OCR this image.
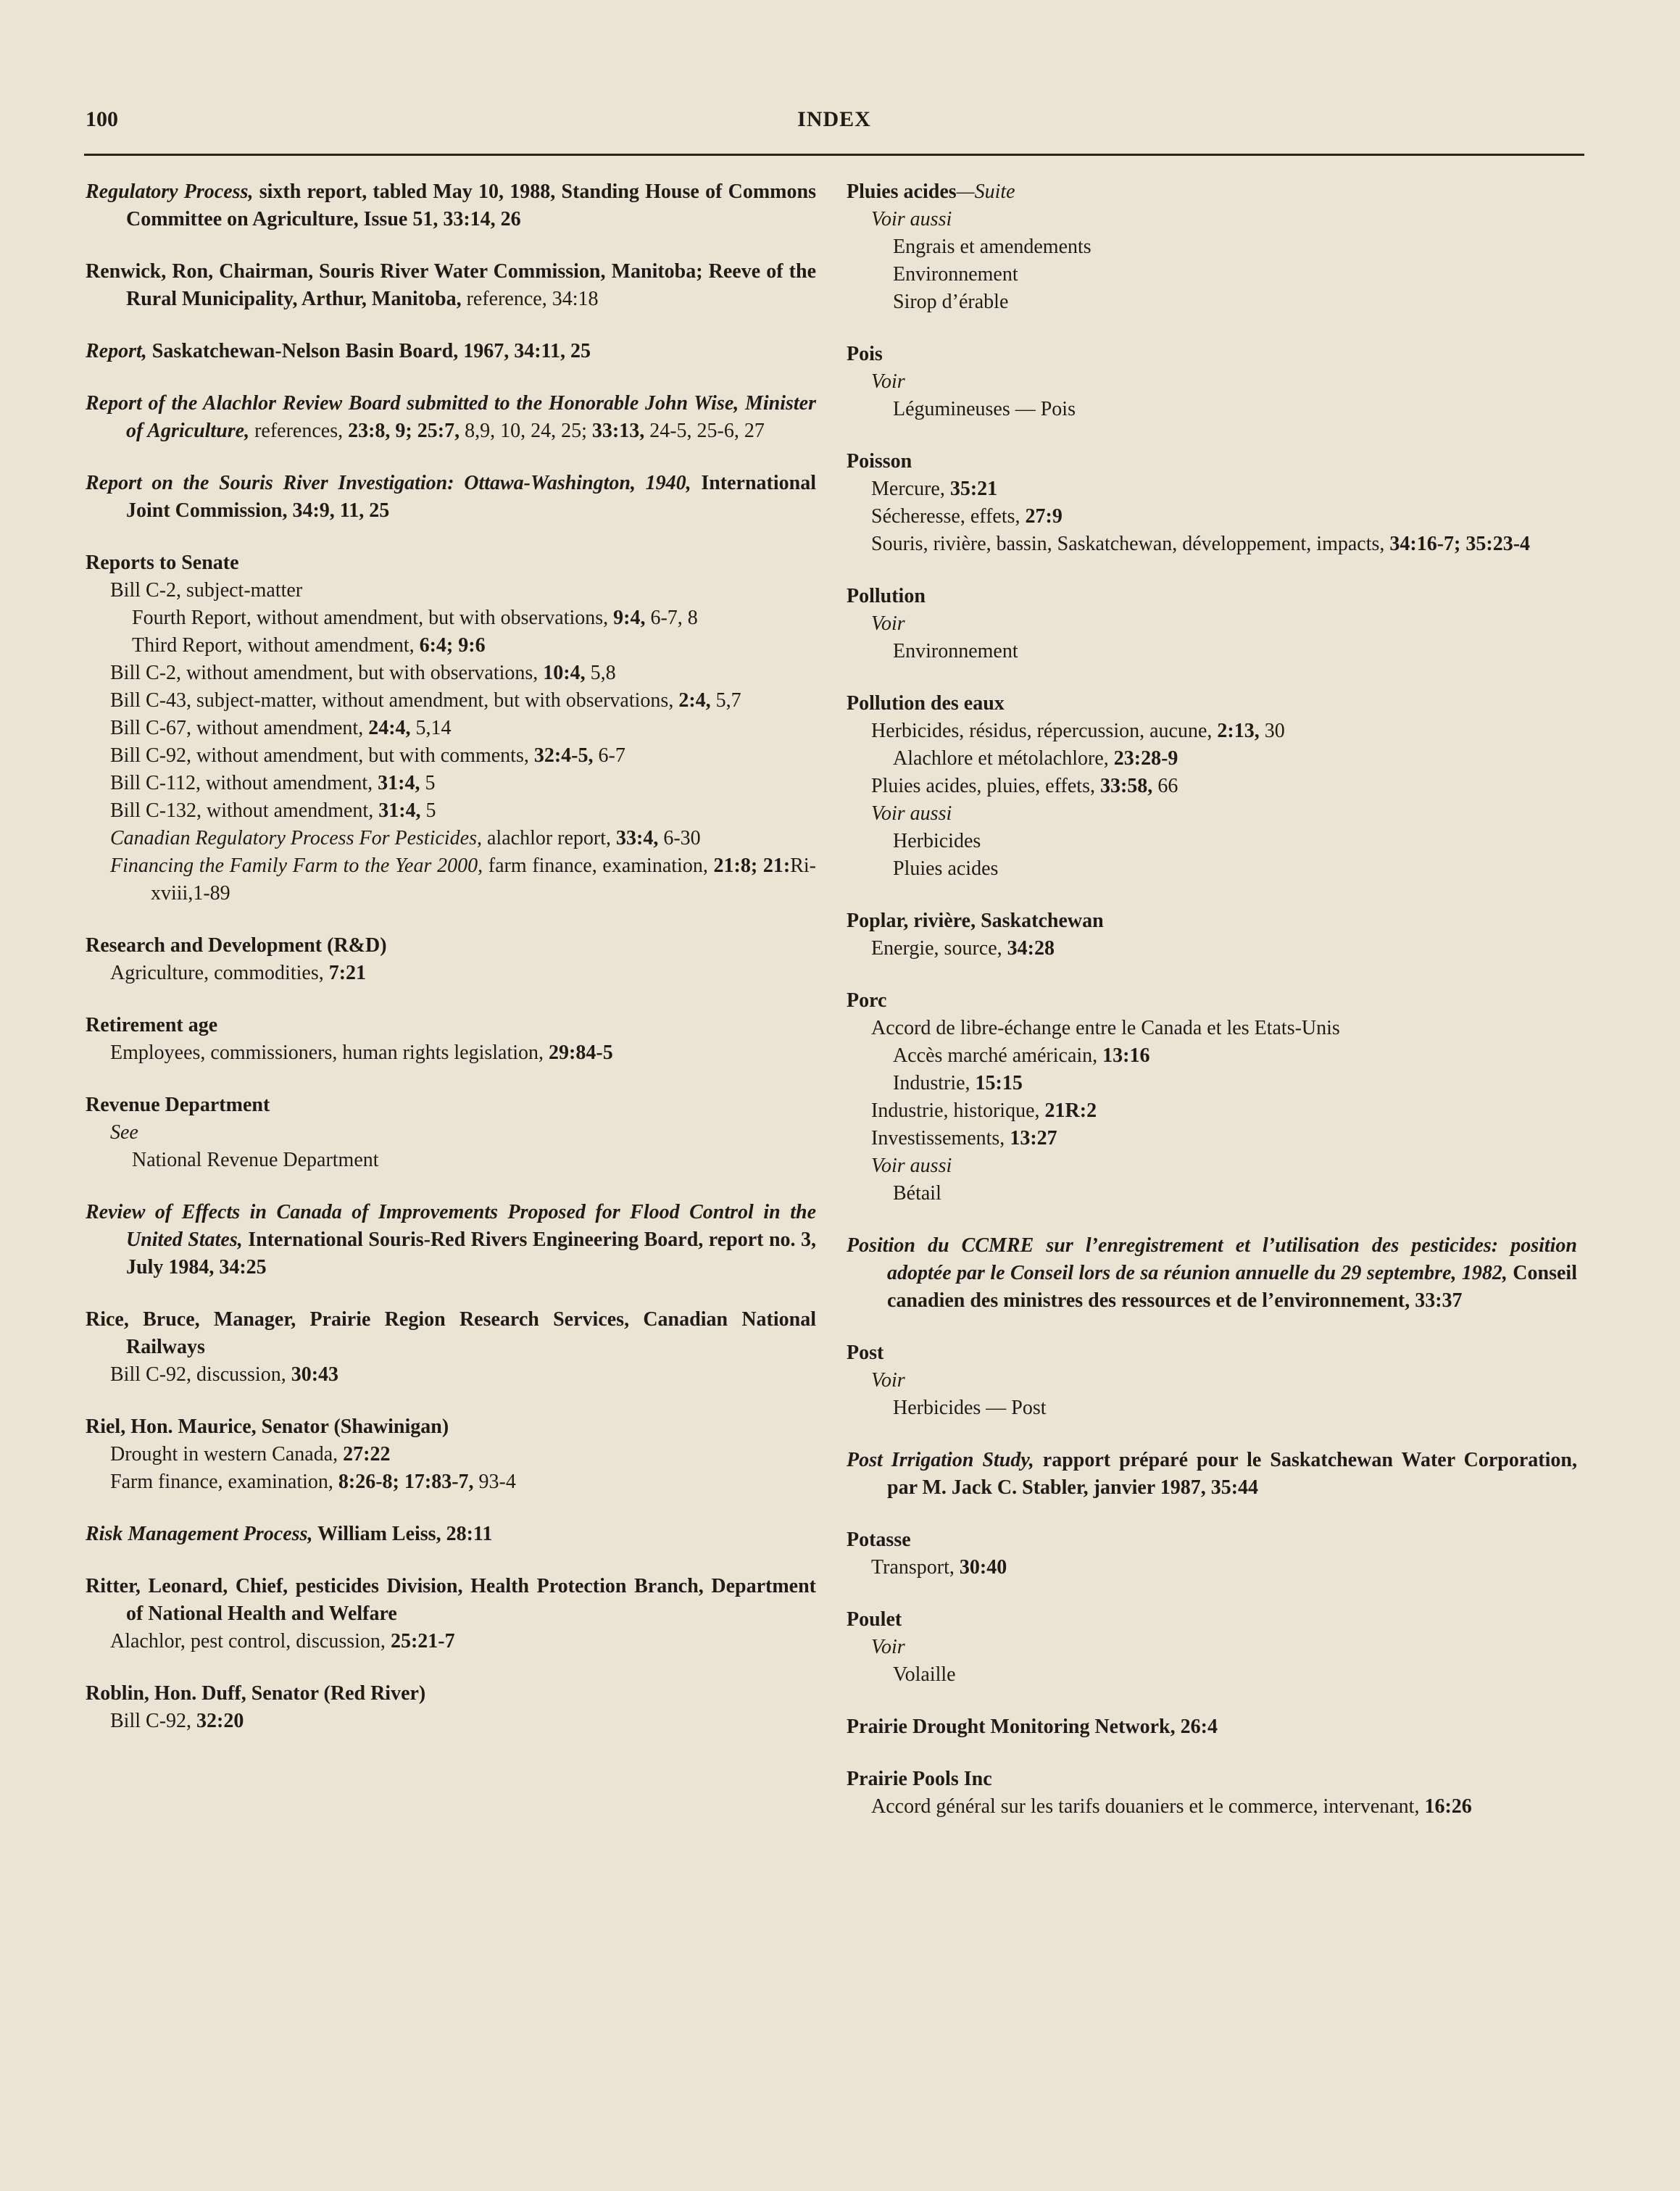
100	INDEX
Regulatory Process, sixth report, tabled May 10, 1988, Standing House of Commons Committee on Agriculture, Issue 51, 33:14, 26
Renwick, Ron, Chairman, Souris River Water Commission, Manitoba; Reeve of the Rural Municipality, Arthur, Manitoba, reference, 34:18
Report, Saskatchewan-Nelson Basin Board, 1967, 34:11, 25
Report of the Alachlor Review Board submitted to the Honorable John Wise, Minister of Agriculture, references, 23:8, 9; 25:7, 8,9, 10, 24, 25; 33:13, 24-5, 25-6, 27
Report on the Souris River Investigation: Ottawa-Washington, 1940, International Joint Commission, 34:9, 11, 25
Reports to Senate
Bill C-2, subject-matter
Fourth Report, without amendment, but with observations, 9:4, 6-7, 8
Third Report, without amendment, 6:4; 9:6
Bill C-2, without amendment, but with observations, 10:4, 5,8
Bill C-43, subject-matter, without amendment, but with observations, 2:4, 5,7
Bill C-67, without amendment, 24:4, 5,14
Bill C-92, without amendment, but with comments, 32:4-5, 6-7
Bill C-112, without amendment, 31:4, 5
Bill C-132, without amendment, 31:4, 5
Canadian Regulatory Process For Pesticides, alachlor report, 33:4, 6-30
Financing the Family Farm to the Year 2000, farm finance, examination, 21:8; 21:Ri-xviii,1-89
Research and Development (R&D)
Agriculture, commodities, 7:21
Retirement age
Employees, commissioners, human rights legislation, 29:84-5
Revenue Department
See
National Revenue Department
Review of Effects in Canada of Improvements Proposed for Flood Control in the United States, International Souris-Red Rivers Engineering Board, report no. 3, July 1984, 34:25
Rice, Bruce, Manager, Prairie Region Research Services, Canadian National Railways
Bill C-92, discussion, 30:43
Riel, Hon. Maurice, Senator (Shawinigan)
Drought in western Canada, 27:22
Farm finance, examination, 8:26-8; 17:83-7, 93-4
Risk Management Process, William Leiss, 28:11
Ritter, Leonard, Chief, pesticides Division, Health Protection Branch, Department of National Health and Welfare
Alachlor, pest control, discussion, 25:21-7
Roblin, Hon. Duff, Senator (Red River)
Bill C-92, 32:20
Pluies acides—Suite
Voir aussi
Engrais et amendements
Environnement
Sirop d’érable
Pois
Voir
Légumineuses — Pois
Poisson
Mercure, 35:21
Sécheresse, effets, 27:9
Souris, rivière, bassin, Saskatchewan, développement, impacts, 34:16-7; 35:23-4
Pollution
Voir
Environnement
Pollution des eaux
Herbicides, résidus, répercussion, aucune, 2:13, 30
Alachlore et métolachlore, 23:28-9
Pluies acides, pluies, effets, 33:58, 66
Voir aussi
Herbicides
Pluies acides
Poplar, rivière, Saskatchewan
Energie, source, 34:28
Porc
Accord de libre-échange entre le Canada et les Etats-Unis
Accès marché américain, 13:16
Industrie, 15:15
Industrie, historique, 21R:2
Investissements, 13:27
Voir aussi
Bétail
Position du CCMRE sur l’enregistrement et l’utilisation des pesticides: position adoptée par le Conseil lors de sa réunion annuelle du 29 septembre, 1982, Conseil canadien des ministres des ressources et de l’environnement, 33:37
Post
Voir
Herbicides — Post
Post Irrigation Study, rapport préparé pour le Saskatchewan Water Corporation, par M. Jack C. Stabler, janvier 1987, 35:44
Potasse
Transport, 30:40
Poulet
Voir
Volaille
Prairie Drought Monitoring Network, 26:4
Prairie Pools Inc
Accord général sur les tarifs douaniers et le commerce, intervenant, 16:26
